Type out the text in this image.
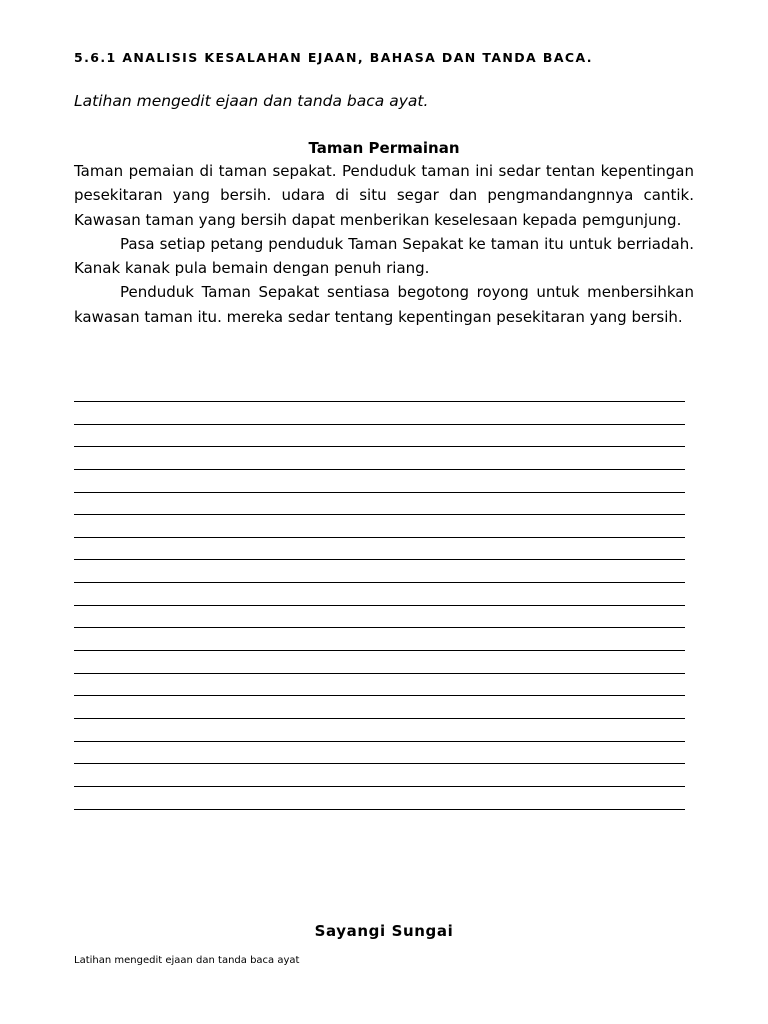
5.6.1 ANALISIS KESALAHAN EJAAN, BAHASA DAN TANDA BACA.
Latihan mengedit ejaan dan tanda baca ayat.
Taman Permainan

Taman pemaian di taman sepakat. Penduduk taman ini sedar tentan kepentingan pesekitaran yang bersih. udara di situ segar dan pengmandangnnya cantik. Kawasan taman yang bersih dapat menberikan keselesaan kepada pemgunjung.

Pasa setiap petang penduduk Taman Sepakat ke taman itu untuk berriadah. Kanak kanak pula bemain dengan penuh riang.

Penduduk Taman Sepakat sentiasa begotong royong untuk menbersihkan kawasan taman itu. mereka sedar tentang kepentingan pesekitaran yang bersih.

Sayangi Sungai
Latihan mengedit ejaan dan tanda baca ayat
